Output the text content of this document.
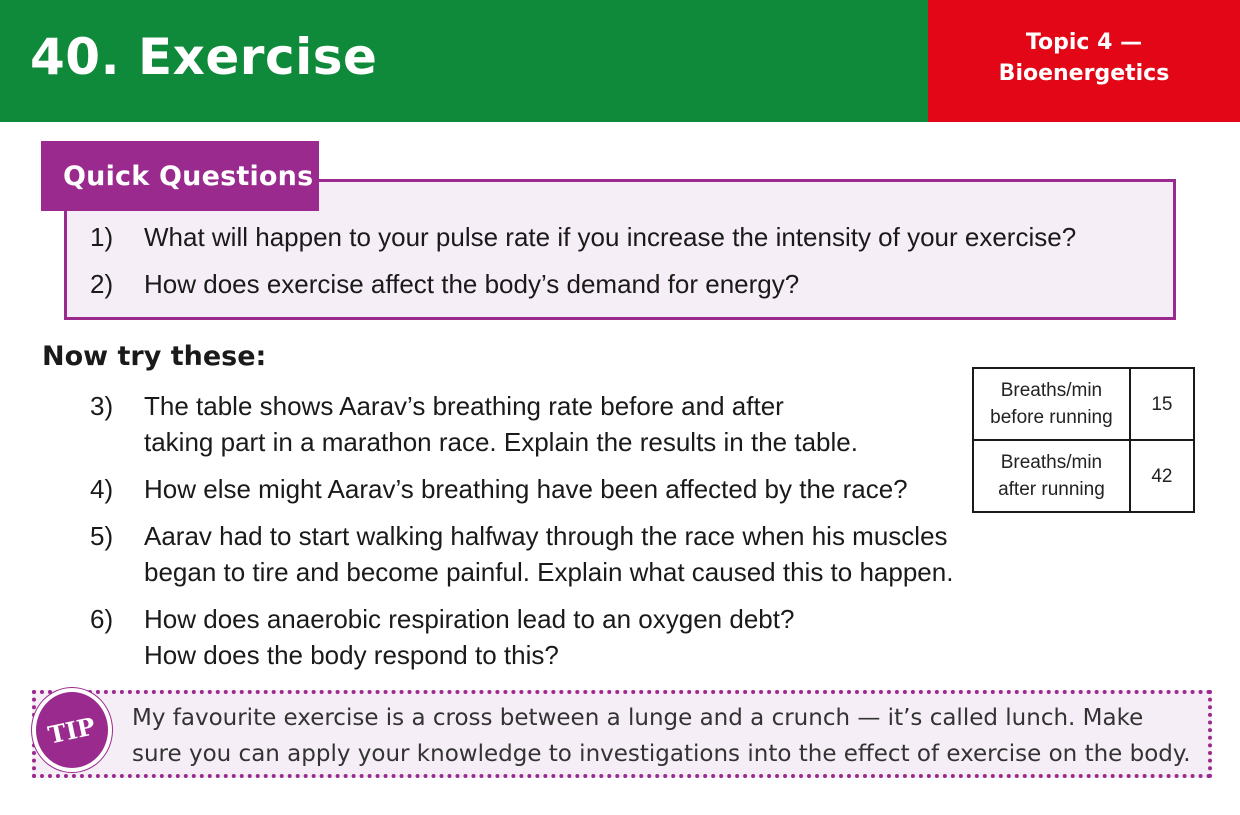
40. Exercise	Topic 4 —
Bioenergetics
Quick Questions
1) What will happen to your pulse rate if you increase the intensity of your exercise?
2) How does exercise affect the body’s demand for energy?
Now try these:
3) The table shows Aarav’s breathing rate before and after
taking part in a marathon race. Explain the results in the table.
4) How else might Aarav’s breathing have been affected by the race?
5) Aarav had to start walking halfway through the race when his muscles
began to tire and become painful. Explain what caused this to happen.
6) How does anaerobic respiration lead to an oxygen debt?
How does the body respond to this?
Breaths/min
before running	15

Breaths/min
after running	42
TIP My favourite exercise is a cross between a lunge and a crunch — it’s called lunch. Make
sure you can apply your knowledge to investigations into the effect of exercise on the body.
